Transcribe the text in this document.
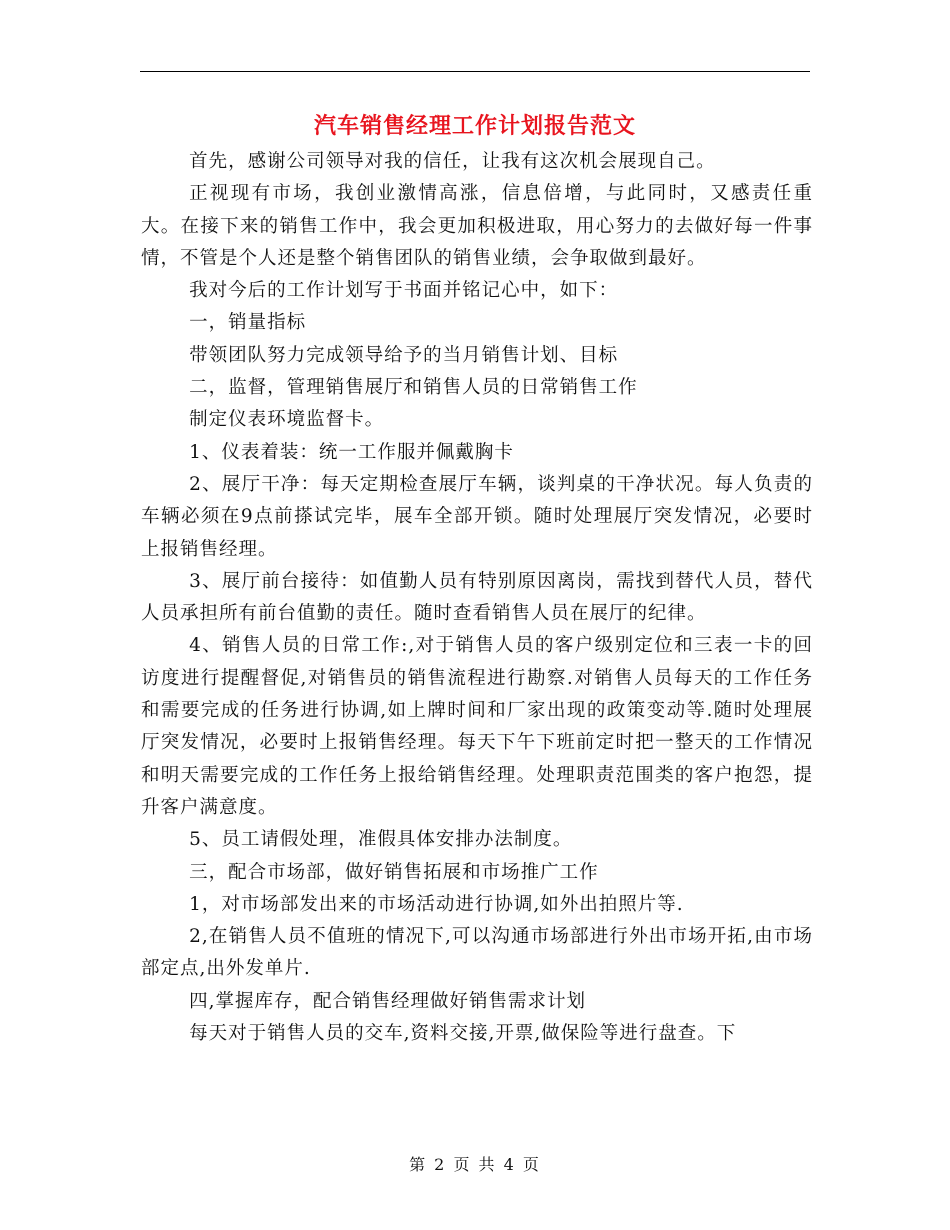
汽车销售经理工作计划报告范文

首先，感谢公司领导对我的信任，让我有这次机会展现自己。

正视现有市场，我创业激情高涨，信息倍增，与此同时，又感责任重大。在接下来的销售工作中，我会更加积极进取，用心努力的去做好每一件事情，不管是个人还是整个销售团队的销售业绩，会争取做到最好。

我对今后的工作计划写于书面并铭记心中，如下：

一，销量指标

带领团队努力完成领导给予的当月销售计划、目标

二，监督，管理销售展厅和销售人员的日常销售工作

制定仪表环境监督卡。

1、仪表着装：统一工作服并佩戴胸卡

2、展厅干净：每天定期检查展厅车辆，谈判桌的干净状况。每人负责的车辆必须在9点前搽试完毕，展车全部开锁。随时处理展厅突发情况，必要时上报销售经理。

3、展厅前台接待：如值勤人员有特别原因离岗，需找到替代人员，替代人员承担所有前台值勤的责任。随时查看销售人员在展厅的纪律。

4、销售人员的日常工作:,对于销售人员的客户级别定位和三表一卡的回访度进行提醒督促,对销售员的销售流程进行勘察.对销售人员每天的工作任务和需要完成的任务进行协调,如上牌时间和厂家出现的政策变动等.随时处理展厅突发情况，必要时上报销售经理。每天下午下班前定时把一整天的工作情况和明天需要完成的工作任务上报给销售经理。处理职责范围类的客户抱怨，提升客户满意度。

5、员工请假处理，准假具体安排办法制度。

三，配合市场部，做好销售拓展和市场推广工作

1，对市场部发出来的市场活动进行协调,如外出拍照片等.

2,在销售人员不值班的情况下,可以沟通市场部进行外出市场开拓,由市场部定点,出外发单片.

四,掌握库存，配合销售经理做好销售需求计划

每天对于销售人员的交车,资料交接,开票,做保险等进行盘查。下

第 2 页 共 4 页
